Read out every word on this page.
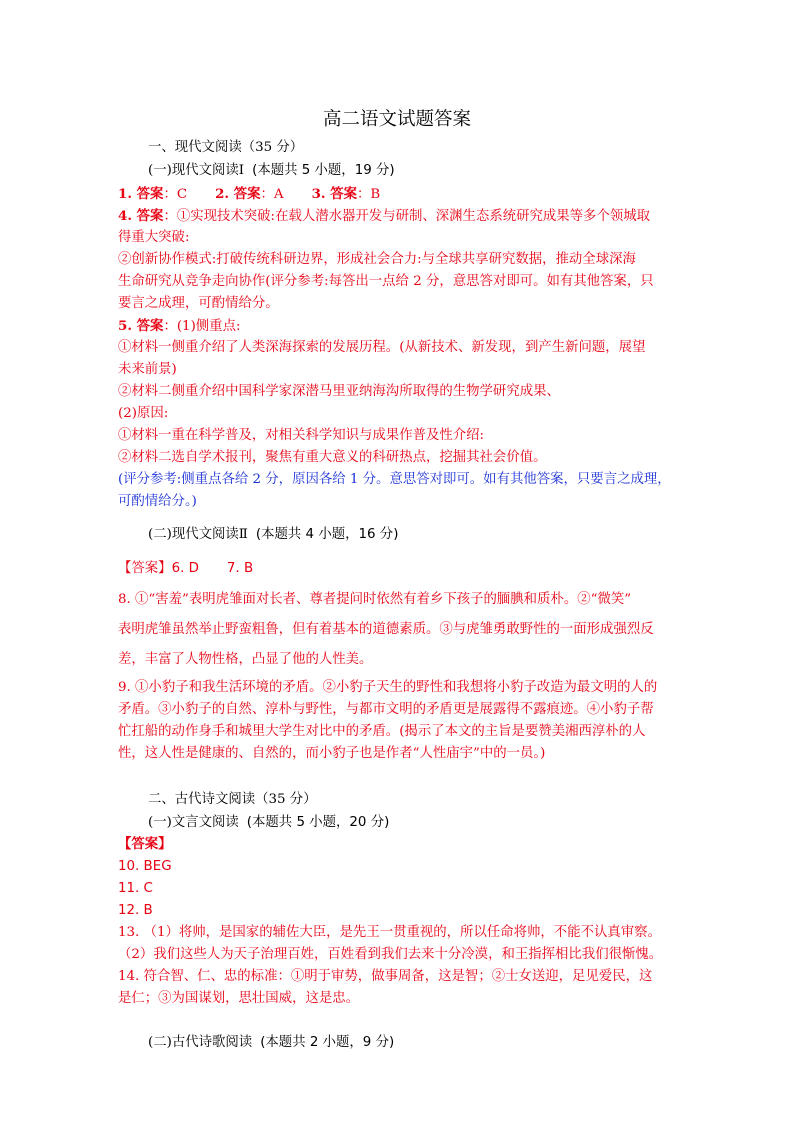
高二语文试题答案
一、现代文阅读（35 分）
(一)现代文阅读Ⅰ (本题共 5 小题，19 分)
1. 答案：C 2. 答案：A 3. 答案：B
4. 答案：①实现技术突破:在载人潜水器开发与研制、深渊生态系统研究成果等多个领城取
得重大突破:
②创新协作模式:打破传统科研边界，形成社会合力:与全球共享研究数据，推动全球深海
生命研究从竞争走向协作(评分参考:每答出一点给 2 分，意思答对即可。如有其他答案，只
要言之成理，可酌情给分。
5. 答案：(1)侧重点:
①材料一侧重介绍了人类深海探索的发展历程。(从新技术、新发现，到产生新问题，展望
未来前景)
②材料二侧重介绍中国科学家深潜马里亚纳海沟所取得的生物学研究成果、
(2)原因:
①材料一重在科学普及，对相关科学知识与成果作普及性介绍:
②材料二选自学术报刊，聚焦有重大意义的科研热点，挖掘其社会价值。
(评分参考:侧重点各给 2 分，原因各给 1 分。意思答对即可。如有其他答案，只要言之成理，
可酌情给分。)
(二)现代文阅读Ⅱ (本题共 4 小题，16 分)
【答案】6. D 7. B
8. ①“害羞”表明虎雏面对长者、尊者提问时依然有着乡下孩子的腼腆和质朴。②“微笑”
表明虎雏虽然举止野蛮粗鲁，但有着基本的道德素质。③与虎雏勇敢野性的一面形成强烈反
差，丰富了人物性格，凸显了他的人性美。
9. ①小豹子和我生活环境的矛盾。②小豹子天生的野性和我想将小豹子改造为最文明的人的
矛盾。③小豹子的自然、淳朴与野性，与都市文明的矛盾更是展露得不露痕迹。④小豹子帮
忙扛船的动作身手和城里大学生对比中的矛盾。(揭示了本文的主旨是要赞美湘西淳朴的人
性，这人性是健康的、自然的，而小豹子也是作者“人性庙宇”中的一员。)
二、古代诗文阅读（35 分）
(一)文言文阅读 (本题共 5 小题，20 分)
【答案】
10. BEG
11. C
12. B
13. （1）将帅，是国家的辅佐大臣，是先王一贯重视的，所以任命将帅，不能不认真审察。
（2）我们这些人为天子治理百姓，百姓看到我们去来十分冷漠，和王指挥相比我们很惭愧。
14. 符合智、仁、忠的标准：①明于审势，做事周备，这是智；②士女送迎，足见爱民，这
是仁；③为国谋划，思壮国威，这是忠。
(二)古代诗歌阅读 (本题共 2 小题，9 分)
